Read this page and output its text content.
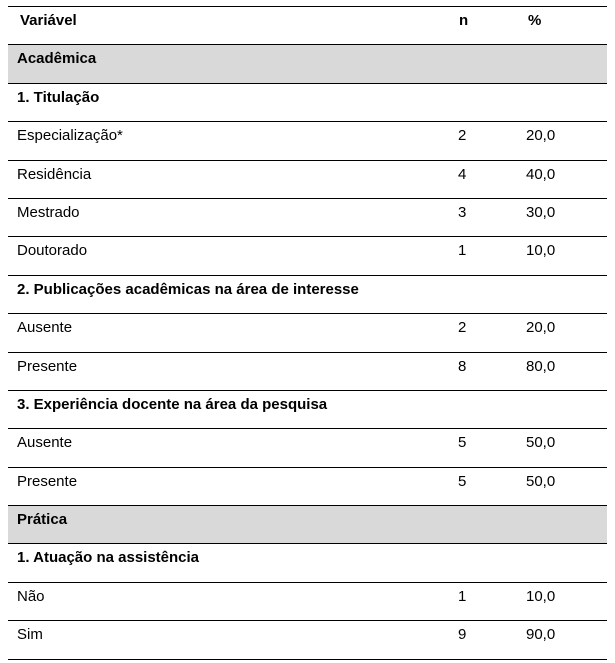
Variável	n	%
Acadêmica
1. Titulação
Especialização*	2	20,0
Residência	4	40,0
Mestrado	3	30,0
Doutorado	1	10,0
2. Publicações acadêmicas na área de interesse
Ausente	2	20,0
Presente	8	80,0
3. Experiência docente na área da pesquisa
Ausente	5	50,0
Presente	5	50,0
Prática
1. Atuação na assistência
Não	1	10,0
Sim	9	90,0
